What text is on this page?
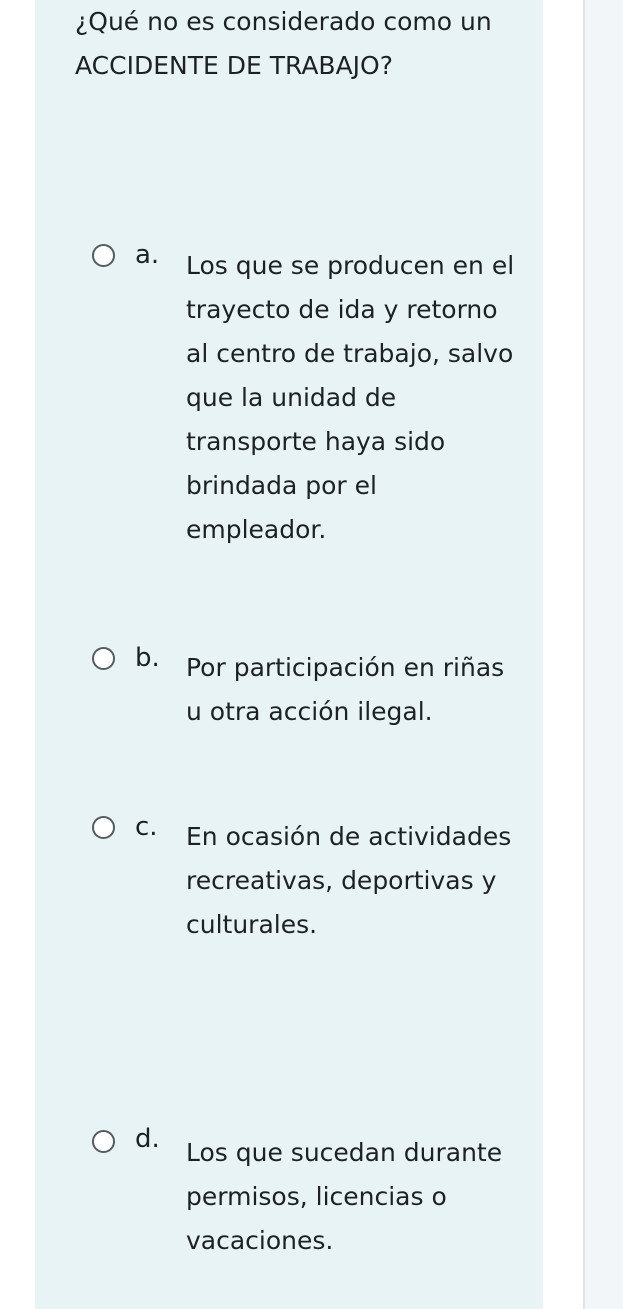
¿Qué no es considerado como un ACCIDENTE DE TRABAJO?

a. Los que se producen en el trayecto de ida y retorno al centro de trabajo, salvo que la unidad de transporte haya sido brindada por el empleador.
b. Por participación en riñas u otra acción ilegal.
c. En ocasión de actividades recreativas, deportivas y culturales.
d. Los que sucedan durante permisos, licencias o vacaciones.
